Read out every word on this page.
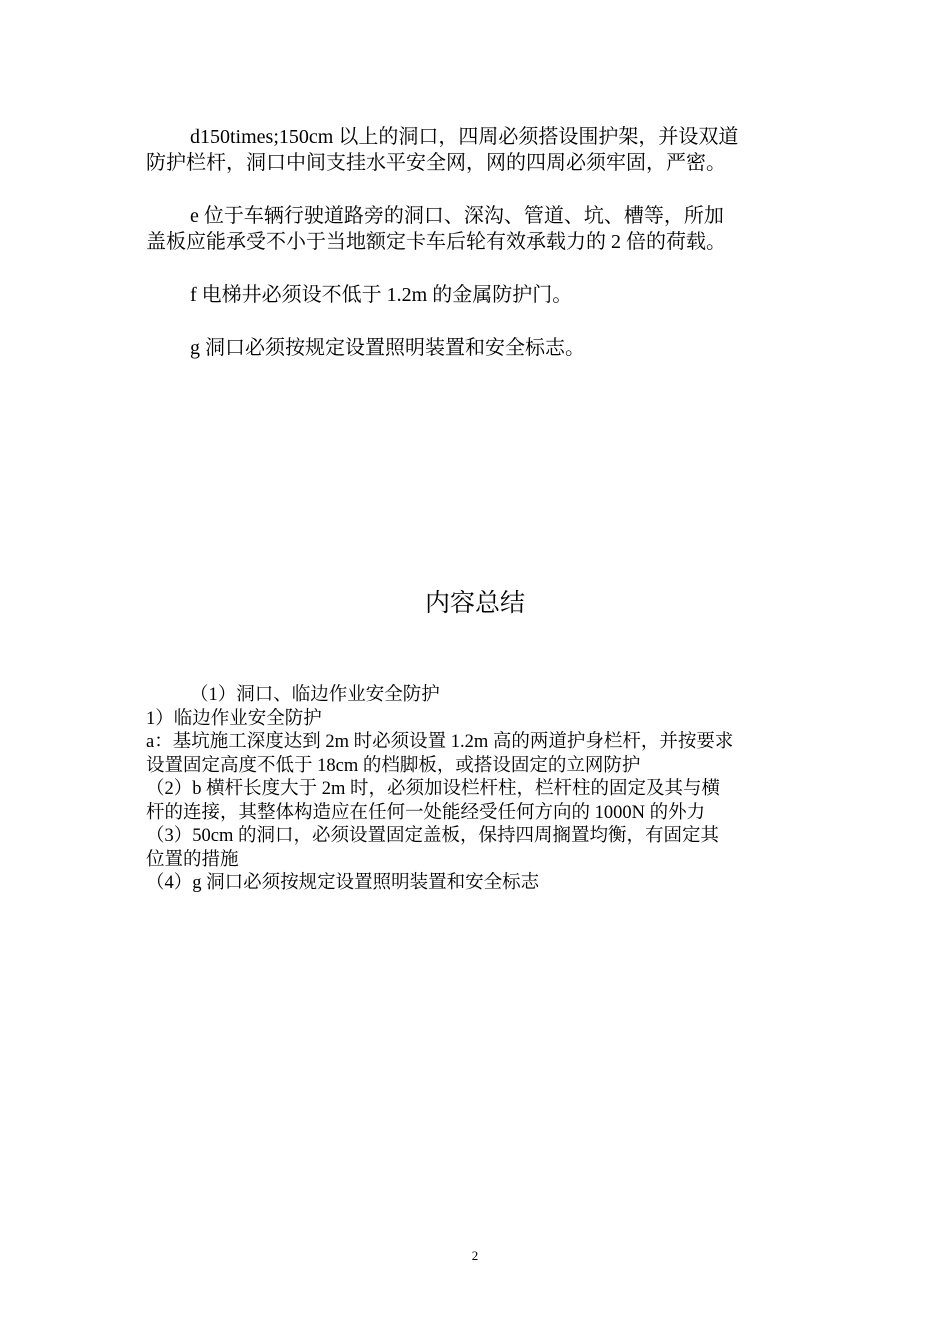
d150times;150cm 以上的洞口，四周必须搭设围护架，并设双道
防护栏杆，洞口中间支挂水平安全网，网的四周必须牢固，严密。
e 位于车辆行驶道路旁的洞口、深沟、管道、坑、槽等，所加
盖板应能承受不小于当地额定卡车后轮有效承载力的 2 倍的荷载。
f 电梯井必须设不低于 1.2m 的金属防护门。
g 洞口必须按规定设置照明装置和安全标志。
内容总结
（1）洞口、临边作业安全防护
1）临边作业安全防护
a：基坑施工深度达到 2m 时必须设置 1.2m 高的两道护身栏杆，并按要求
设置固定高度不低于 18cm 的档脚板，或搭设固定的立网防护
（2）b 横杆长度大于 2m 时，必须加设栏杆柱，栏杆柱的固定及其与横
杆的连接，其整体构造应在任何一处能经受任何方向的 1000N 的外力
（3）50cm 的洞口，必须设置固定盖板，保持四周搁置均衡，有固定其
位置的措施
（4）g 洞口必须按规定设置照明装置和安全标志
2
